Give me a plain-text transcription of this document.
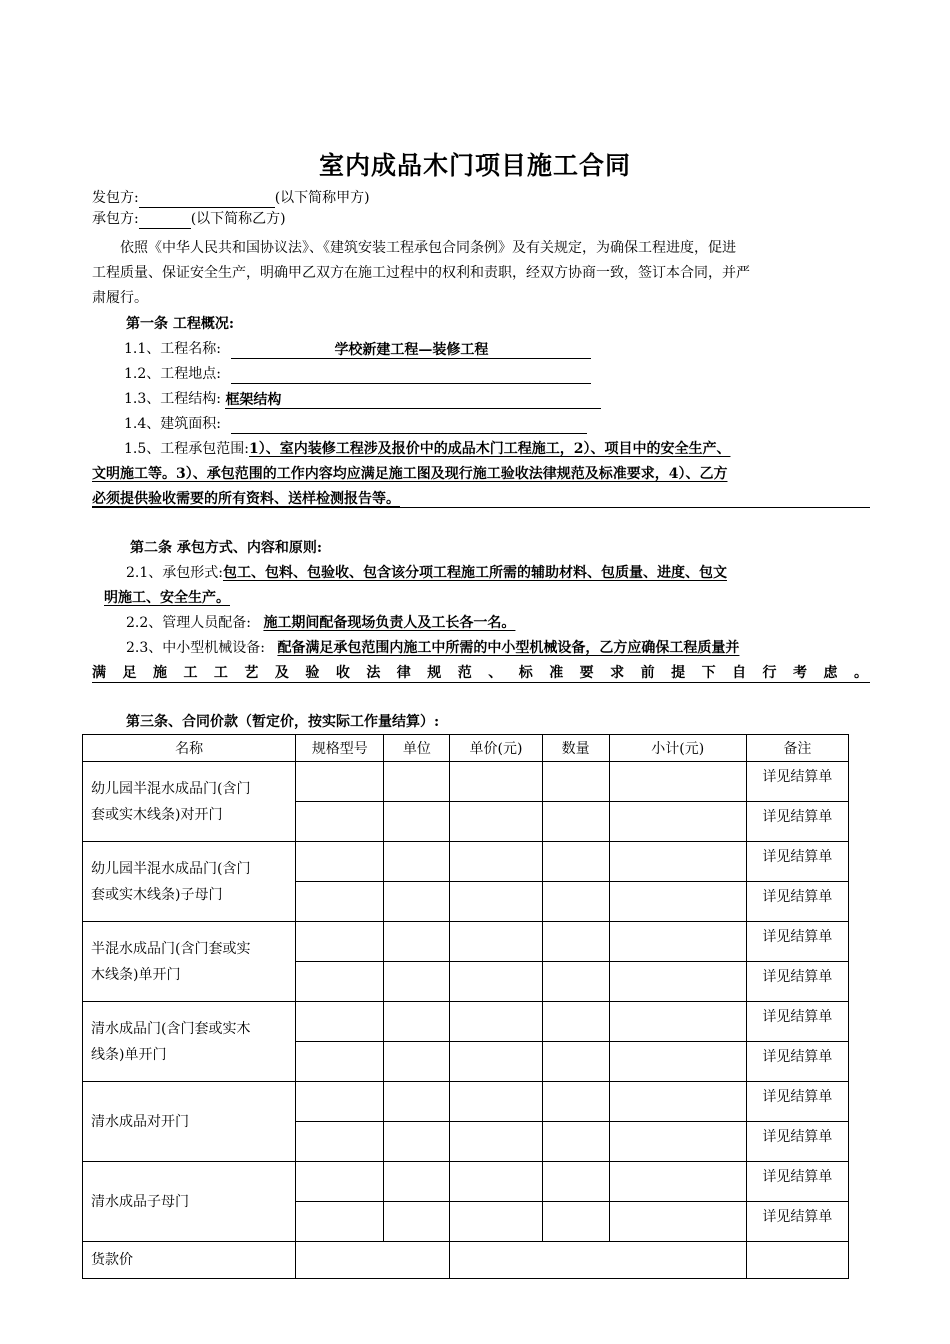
室内成品木门项目施工合同
发包方:	(以下简称甲方)
承包方:	(以下简称乙方)
依照《中华人民共和国协议法》、《建筑安装工程承包合同条例》及有关规定，为确保工程进度，促进
工程质量、保证安全生产，明确甲乙双方在施工过程中的权利和责职，经双方协商一致，签订本合同，并严
肃履行。
第一条 工程概况:
1.1、工程名称:	学校新建工程—装修工程
1.2、工程地点:
1.3、工程结构: 框架结构
1.4、建筑面积:
1.5、工程承包范围:1）、室内装修工程涉及报价中的成品木门工程施工，2）、项目中的安全生产、
文明施工等。3）、承包范围的工作内容均应满足施工图及现行施工验收法律规范及标准要求，4）、乙方
必须提供验收需要的所有资料、送样检测报告等。
第二条 承包方式、内容和原则:
2.1、承包形式:包工、包料、包验收、包含该分项工程施工所需的辅助材料、包质量、进度、包文
明施工、安全生产。
2.2、管理人员配备: 施工期间配备现场负责人及工长各一名。
2.3、中小型机械设备: 配备满足承包范围内施工中所需的中小型机械设备，乙方应确保工程质量并
满足施工工艺及验收法律规范、标准要求前提下自行考虑。
第三条、合同价款（暂定价，按实际工作量结算）:
名称	规格型号	单位	单价(元)	数量	小计(元)	备注

幼儿园半混水成品门(含门
套或实木线条)对开门						详见结算单
						详见结算单

幼儿园半混水成品门(含门
套或实木线条)子母门						详见结算单
						详见结算单

半混水成品门(含门套或实
木线条)单开门						详见结算单
						详见结算单

清水成品门(含门套或实木
线条)单开门						详见结算单
						详见结算单

清水成品对开门						详见结算单
						详见结算单

清水成品子母门						详见结算单
						详见结算单
货款价						
